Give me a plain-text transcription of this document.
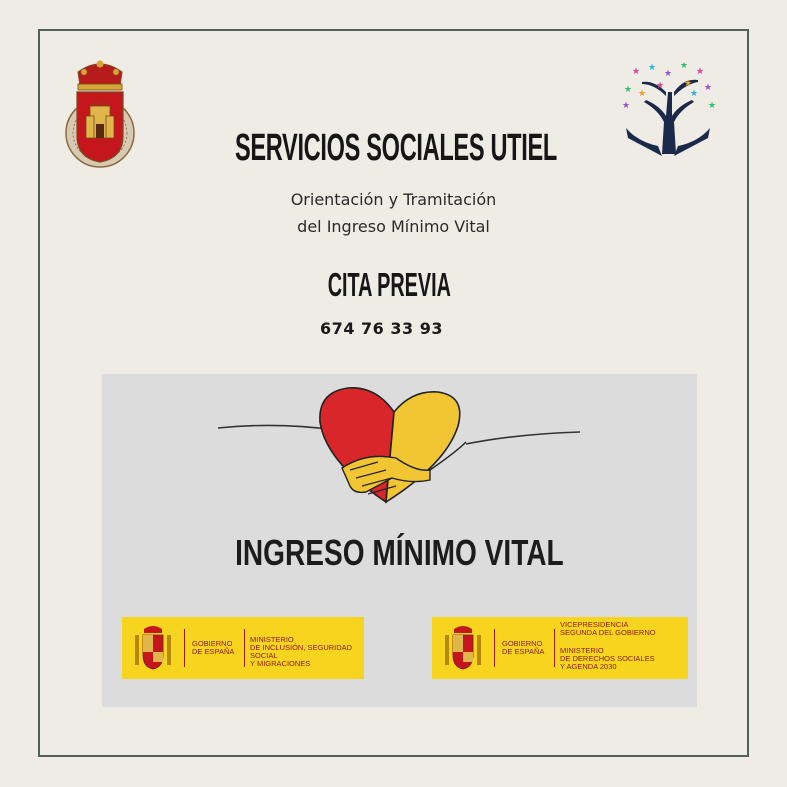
★ ★
★
★
★
★ ★
★
★
★ ★
★	★
SERVICIOS SOCIALES UTIEL
Orientación y Tramitación
del Ingreso Mínimo Vital
CITA PREVIA
674 76 33 93
INGRESO MÍNIMO VITAL
GOBIERNO
DE ESPAÑA
MINISTERIO
DE INCLUSIÓN, SEGURIDAD SOCIAL
Y MIGRACIONES
GOBIERNO
DE ESPAÑA
VICEPRESIDENCIA
SEGUNDA DEL GOBIERNO
MINISTERIO
DE DERECHOS SOCIALES
Y AGENDA 2030
